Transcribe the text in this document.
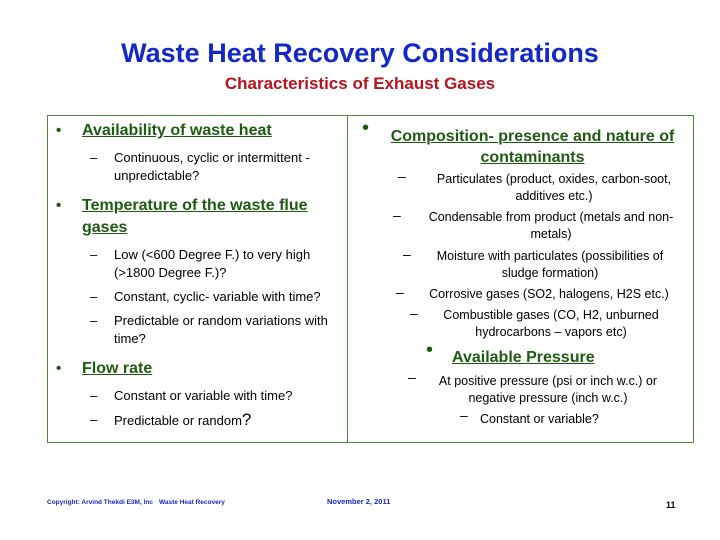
Waste Heat Recovery Considerations
Characteristics of Exhaust Gases
• Availability of waste heat
– Continuous, cyclic or intermittent - unpredictable?
• Temperature of the waste flue gases
– Low (<600 Degree F.) to very high (>1800 Degree F.)?
– Constant, cyclic- variable with time?
– Predictable or random variations with time?
• Flow rate
– Constant or variable with time?
– Predictable or random?
•	Composition- presence and nature of contaminants
–	Particulates (product, oxides, carbon-soot, additives etc.)
–	Condensable from product (metals and non-metals)
–	Moisture with particulates (possibilities of sludge formation)
–	Corrosive gases (SO2, halogens, H2S etc.)
–	Combustible gases (CO, H2, unburned hydrocarbons – vapors etc)
• Available Pressure
–	At positive pressure (psi or inch w.c.) or negative pressure (inch w.c.)
– Constant or variable?
Copyright: Arvind Thekdi E3M, Inc Waste Heat Recovery	November 2, 2011	11
